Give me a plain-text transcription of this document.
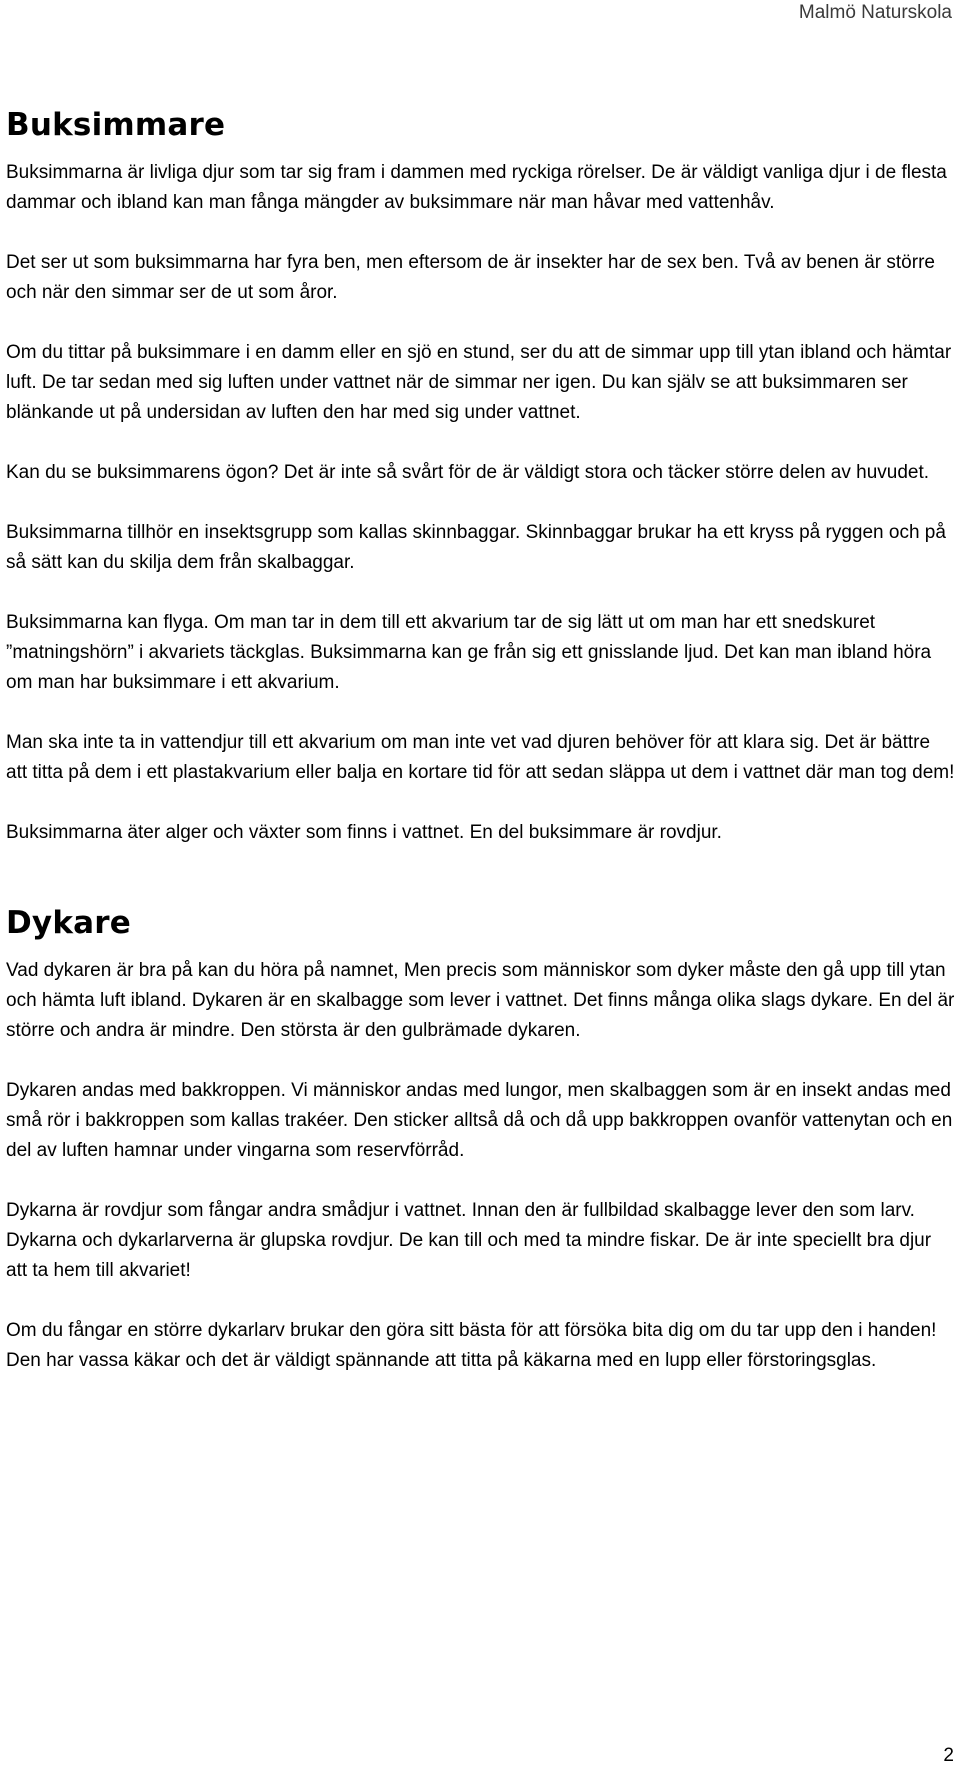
Malmö Naturskola
Buksimmare

Buksimmarna är livliga djur som tar sig fram i dammen med ryckiga rörelser. De är väldigt vanliga djur i de flesta dammar och ibland kan man fånga mängder av buksimmare när man håvar med vattenhåv.

Det ser ut som buksimmarna har fyra ben, men eftersom de är insekter har de sex ben. Två av benen är större och när den simmar ser de ut som åror.

Om du tittar på buksimmare i en damm eller en sjö en stund, ser du att de simmar upp till ytan ibland och hämtar luft. De tar sedan med sig luften under vattnet när de simmar ner igen. Du kan själv se att buksimmaren ser blänkande ut på undersidan av luften den har med sig under vattnet.

Kan du se buksimmarens ögon? Det är inte så svårt för de är väldigt stora och täcker större delen av huvudet.

Buksimmarna tillhör en insektsgrupp som kallas skinnbaggar. Skinnbaggar brukar ha ett kryss på ryggen och på så sätt kan du skilja dem från skalbaggar.

Buksimmarna kan flyga. Om man tar in dem till ett akvarium tar de sig lätt ut om man har ett snedskuret ”matningshörn” i akvariets täckglas. Buksimmarna kan ge från sig ett gnisslande ljud. Det kan man ibland höra om man har buksimmare i ett akvarium.

Man ska inte ta in vattendjur till ett akvarium om man inte vet vad djuren behöver för att klara sig. Det är bättre att titta på dem i ett plastakvarium eller balja en kortare tid för att sedan släppa ut dem i vattnet där man tog dem!

Buksimmarna äter alger och växter som finns i vattnet. En del buksimmare är rovdjur.

Dykare

Vad dykaren är bra på kan du höra på namnet, Men precis som människor som dyker måste den gå upp till ytan och hämta luft ibland. Dykaren är en skalbagge som lever i vattnet. Det finns många olika slags dykare. En del är större och andra är mindre. Den största är den gulbrämade dykaren.

Dykaren andas med bakkroppen. Vi människor andas med lungor, men skalbaggen som är en insekt andas med små rör i bakkroppen som kallas trakéer. Den sticker alltså då och då upp bakkroppen ovanför vattenytan och en del av luften hamnar under vingarna som reservförråd.

Dykarna är rovdjur som fångar andra smådjur i vattnet. Innan den är fullbildad skalbagge lever den som larv. Dykarna och dykarlarverna är glupska rovdjur. De kan till och med ta mindre fiskar. De är inte speciellt bra djur att ta hem till akvariet!

Om du fångar en större dykarlarv brukar den göra sitt bästa för att försöka bita dig om du tar upp den i handen! Den har vassa käkar och det är väldigt spännande att titta på käkarna med en lupp eller förstoringsglas.

2
